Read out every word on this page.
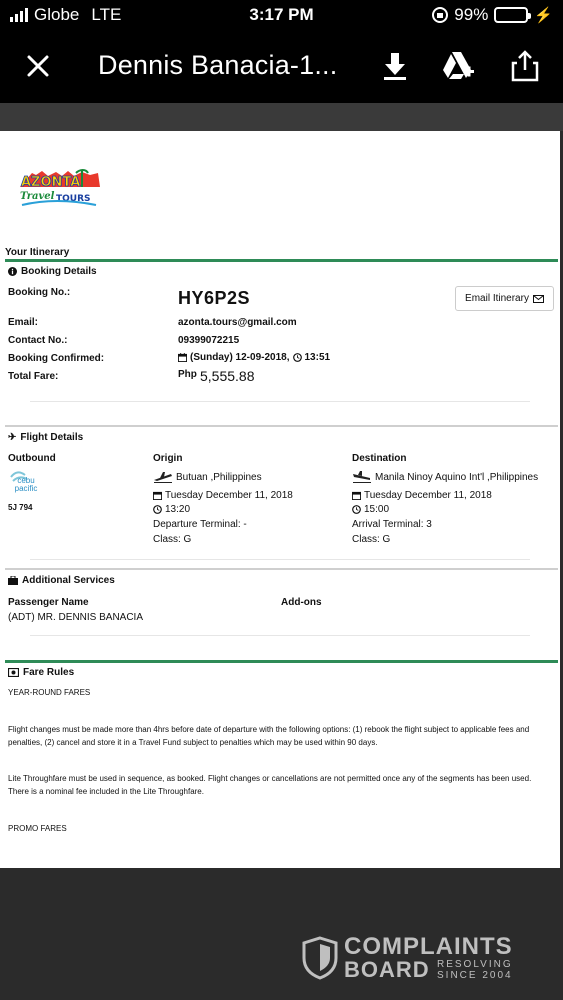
Globe LTE	3:17 PM	99%	⚡
Dennis Banacia-1...
AZONTA
Travel TOURS
Your Itinerary
Booking Details
Booking No.:	HY6P2S	Email Itinerary
Email:	azonta.tours@gmail.com
Contact No.:	09399072215
Booking Confirmed:	(Sunday) 12-09-2018, 13:51
Total Fare:	Php 5,555.88
✈ Flight Details
Outbound
cebu pacific
5J 794
Origin
Butuan ,Philippines
Tuesday December 11, 2018
13:20
Departure Terminal: -
Class: G
Destination
Manila Ninoy Aquino Int'l ,Philippines
Tuesday December 11, 2018
15:00
Arrival Terminal: 3
Class: G
Additional Services
Passenger Name	Add-ons
(ADT) MR. DENNIS BANACIA
Fare Rules
YEAR-ROUND FARES
Flight changes must be made more than 4hrs before date of departure with the following options: (1) rebook the flight subject to applicable fees and penalties, (2) cancel and store it in a Travel Fund subject to penalties which may be used within 90 days.
Lite Throughfare must be used in sequence, as booked. Flight changes or cancellations are not permitted once any of the segments has been used. There is a nominal fee included in the Lite Throughfare.
PROMO FARES
COMPLAINTS
BOARD RESOLVING
SINCE 2004
